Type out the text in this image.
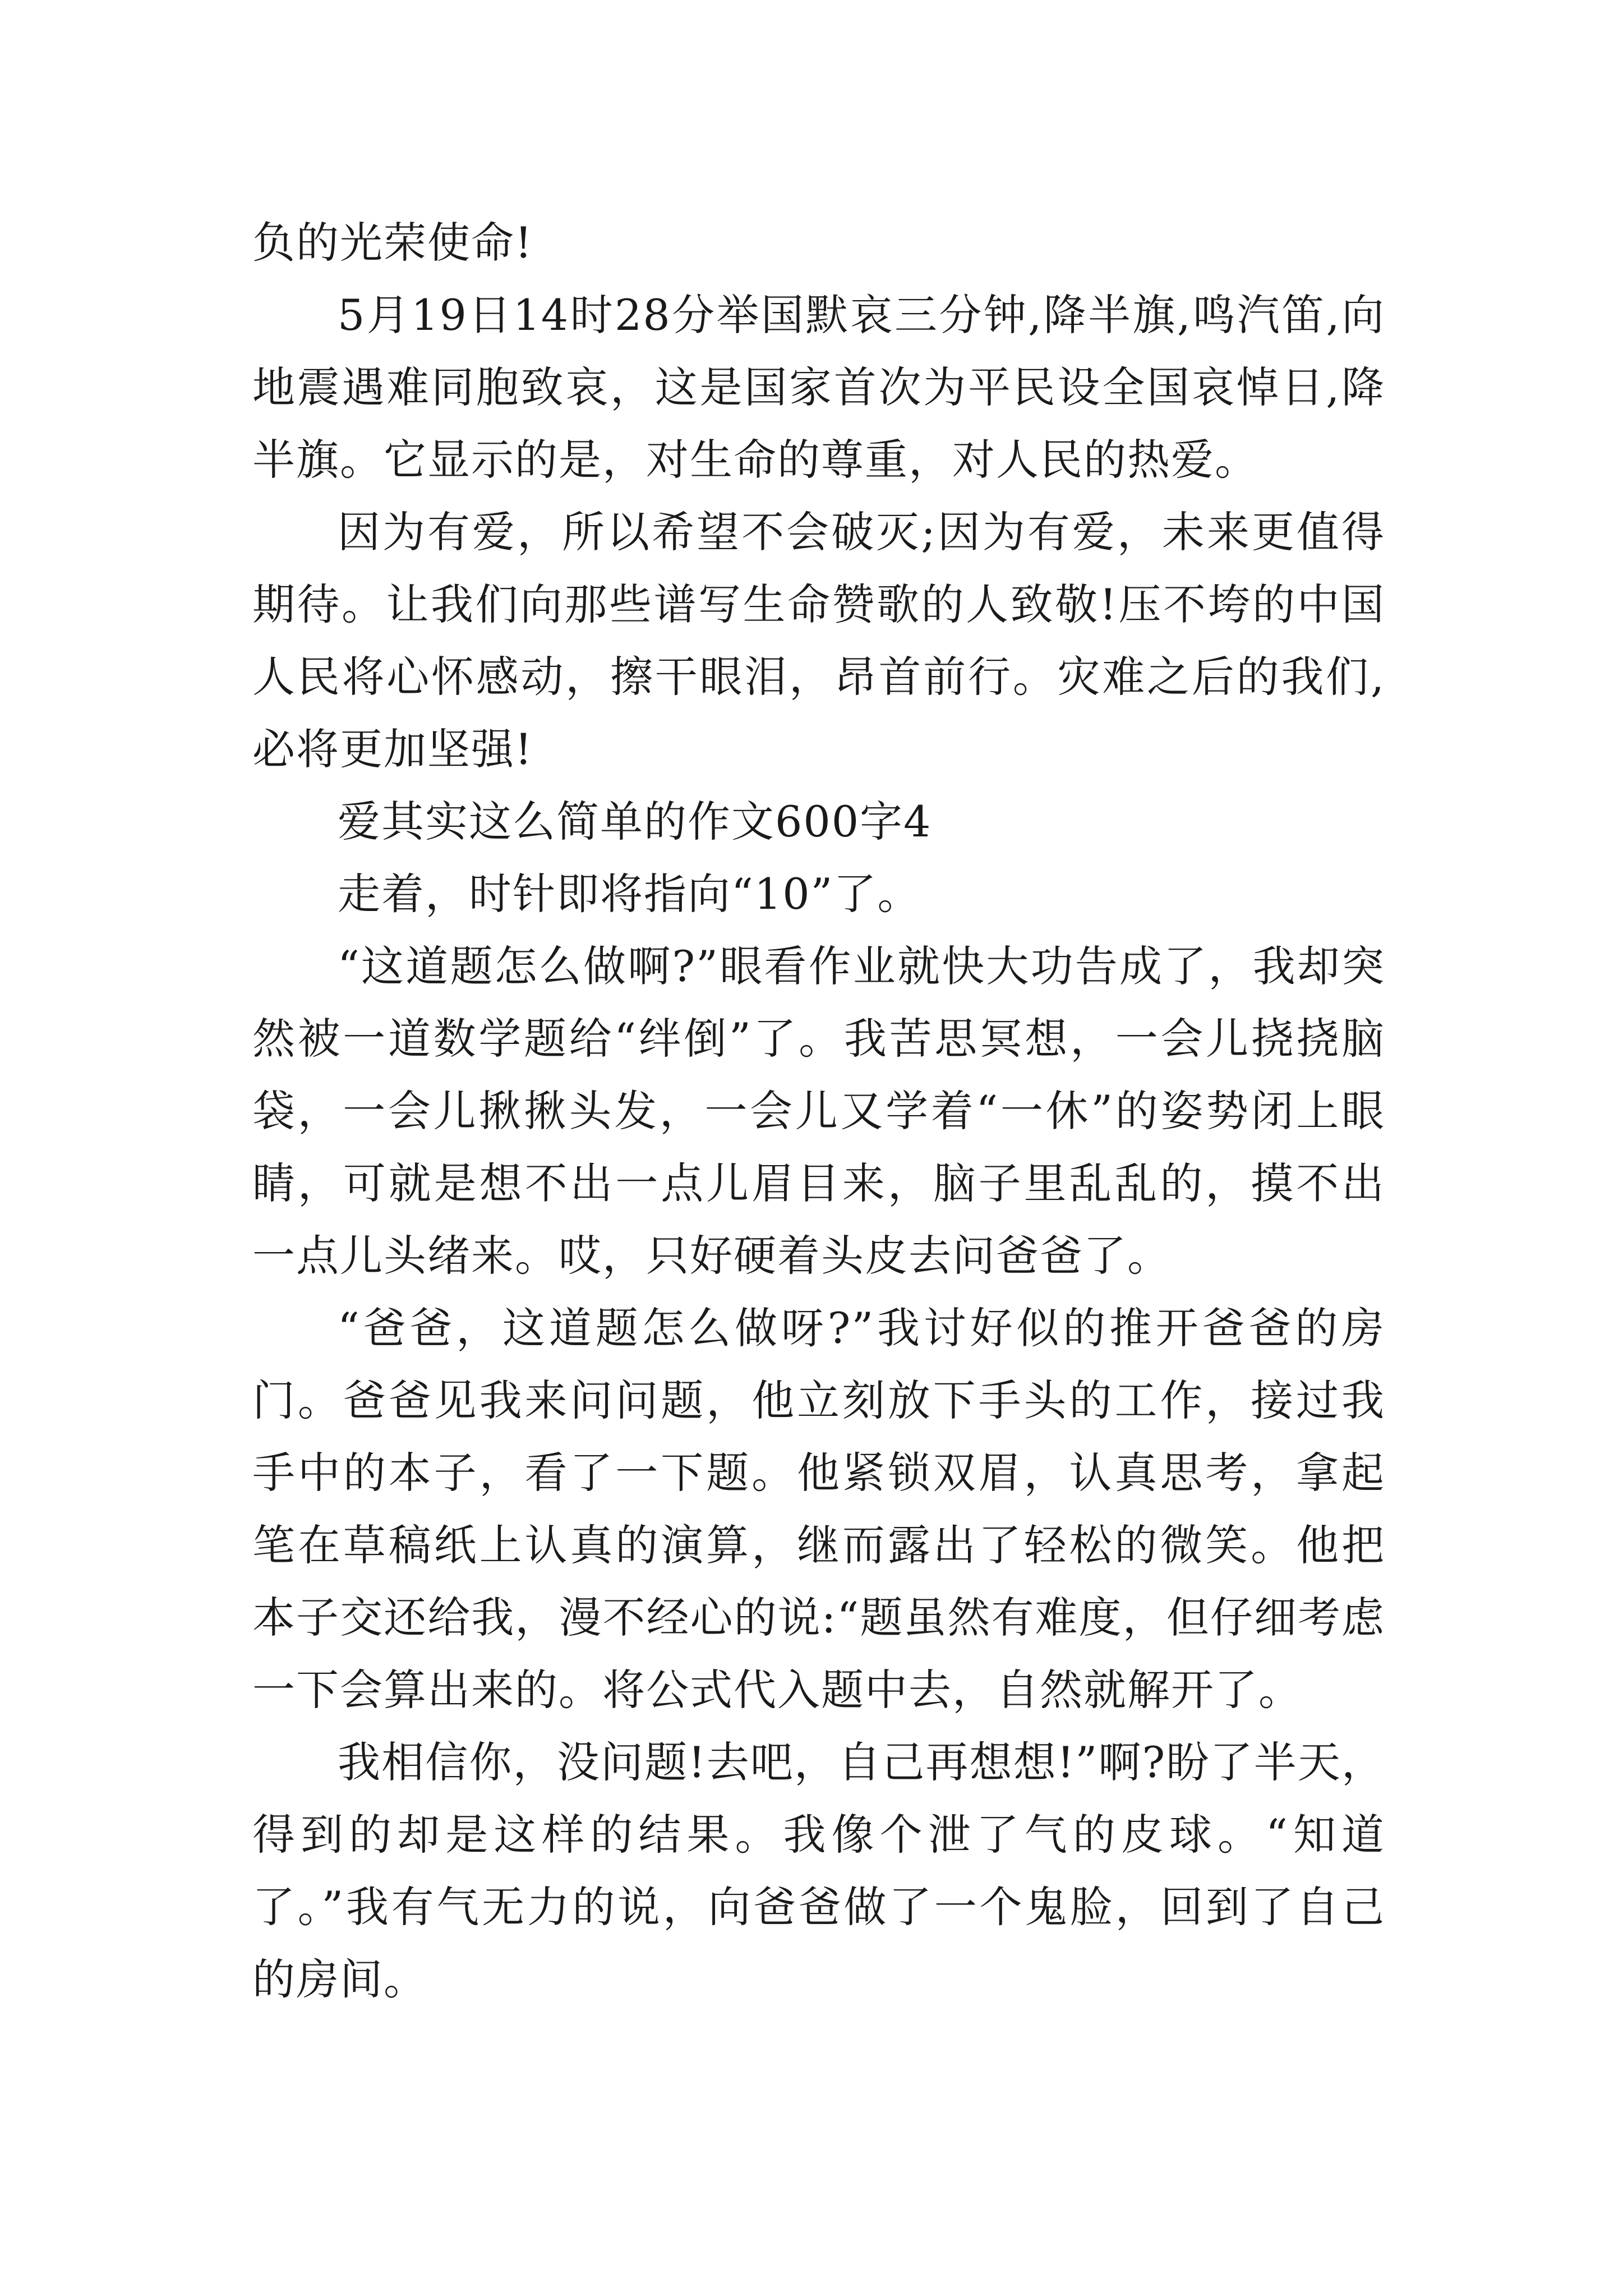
负的光荣使命!

5月19日14时28分举国默哀三分钟,降半旗,鸣汽笛,向地震遇难同胞致哀，这是国家首次为平民设全国哀悼日,降半旗。它显示的是，对生命的尊重，对人民的热爱。

因为有爱，所以希望不会破灭;因为有爱，未来更值得期待。让我们向那些谱写生命赞歌的人致敬!压不垮的中国人民将心怀感动，擦干眼泪，昂首前行。灾难之后的我们,必将更加坚强!

爱其实这么简单的作文600字4

走着，时针即将指向“10”了。

“这道题怎么做啊?”眼看作业就快大功告成了，我却突然被一道数学题给“绊倒”了。我苦思冥想，一会儿挠挠脑袋，一会儿揪揪头发，一会儿又学着“一休”的姿势闭上眼睛，可就是想不出一点儿眉目来，脑子里乱乱的，摸不出一点儿头绪来。哎，只好硬着头皮去问爸爸了。

“爸爸，这道题怎么做呀?”我讨好似的推开爸爸的房门。爸爸见我来问问题，他立刻放下手头的工作，接过我手中的本子，看了一下题。他紧锁双眉，认真思考，拿起笔在草稿纸上认真的演算，继而露出了轻松的微笑。他把本子交还给我，漫不经心的说:“题虽然有难度，但仔细考虑一下会算出来的。将公式代入题中去，自然就解开了。

我相信你，没问题!去吧，自己再想想!”啊?盼了半天，得到的却是这样的结果。我像个泄了气的皮球。“知道了。”我有气无力的说，向爸爸做了一个鬼脸，回到了自己的房间。
